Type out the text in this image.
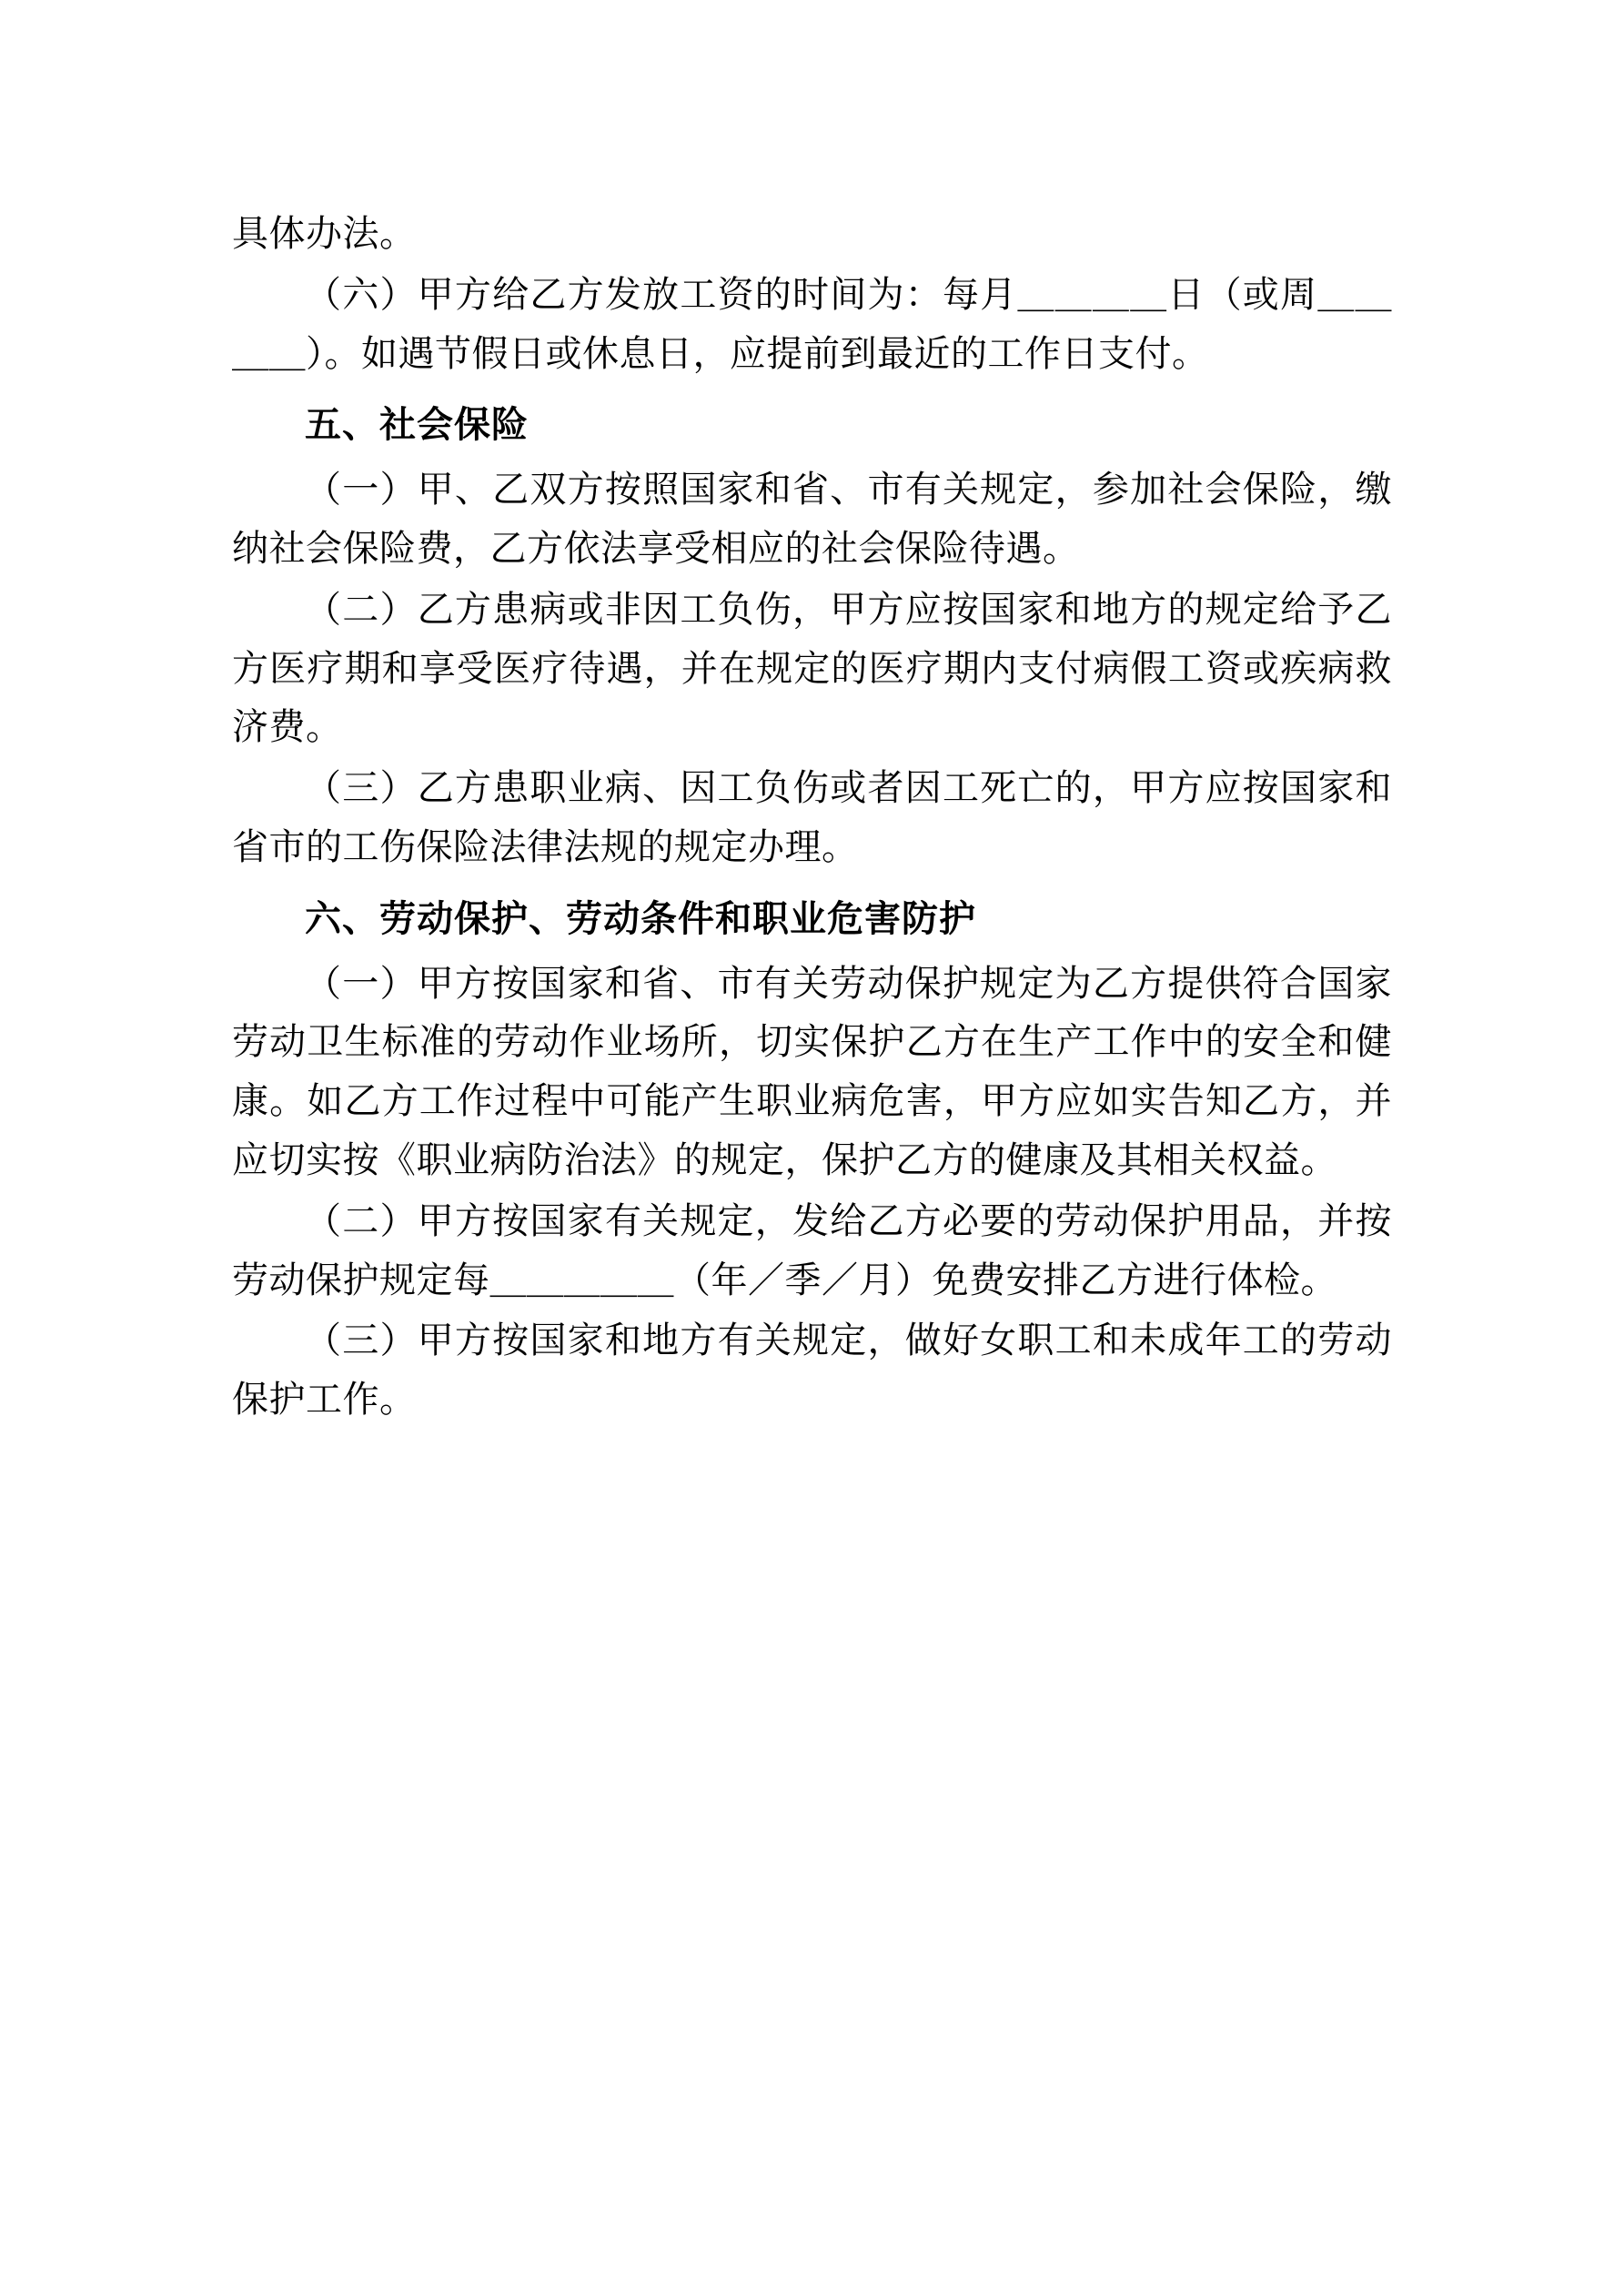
具体办法。

（六）甲方给乙方发放工资的时间为：每月＿＿＿＿日（或周＿＿＿＿）。如遇节假日或休息日，应提前到最近的工作日支付。

五、社会保险

（一）甲、乙双方按照国家和省、市有关规定，参加社会保险，缴纳社会保险费，乙方依法享受相应的社会保险待遇。

（二）乙方患病或非因工负伤，甲方应按国家和地方的规定给予乙方医疗期和享受医疗待遇，并在规定的医疗期内支付病假工资或疾病救济费。

（三）乙方患职业病、因工负伤或者因工死亡的，甲方应按国家和省市的工伤保险法律法规的规定办理。

六、劳动保护、劳动条件和职业危害防护

（一）甲方按国家和省、市有关劳动保护规定为乙方提供符合国家劳动卫生标准的劳动作业场所，切实保护乙方在生产工作中的安全和健康。如乙方工作过程中可能产生职业病危害，甲方应如实告知乙方，并应切实按《职业病防治法》的规定，保护乙方的健康及其相关权益。

（二）甲方按国家有关规定，发给乙方必要的劳动保护用品，并按劳动保护规定每＿＿＿＿＿（年／季／月）免费安排乙方进行体检。

（三）甲方按国家和地方有关规定，做好女职工和未成年工的劳动保护工作。
